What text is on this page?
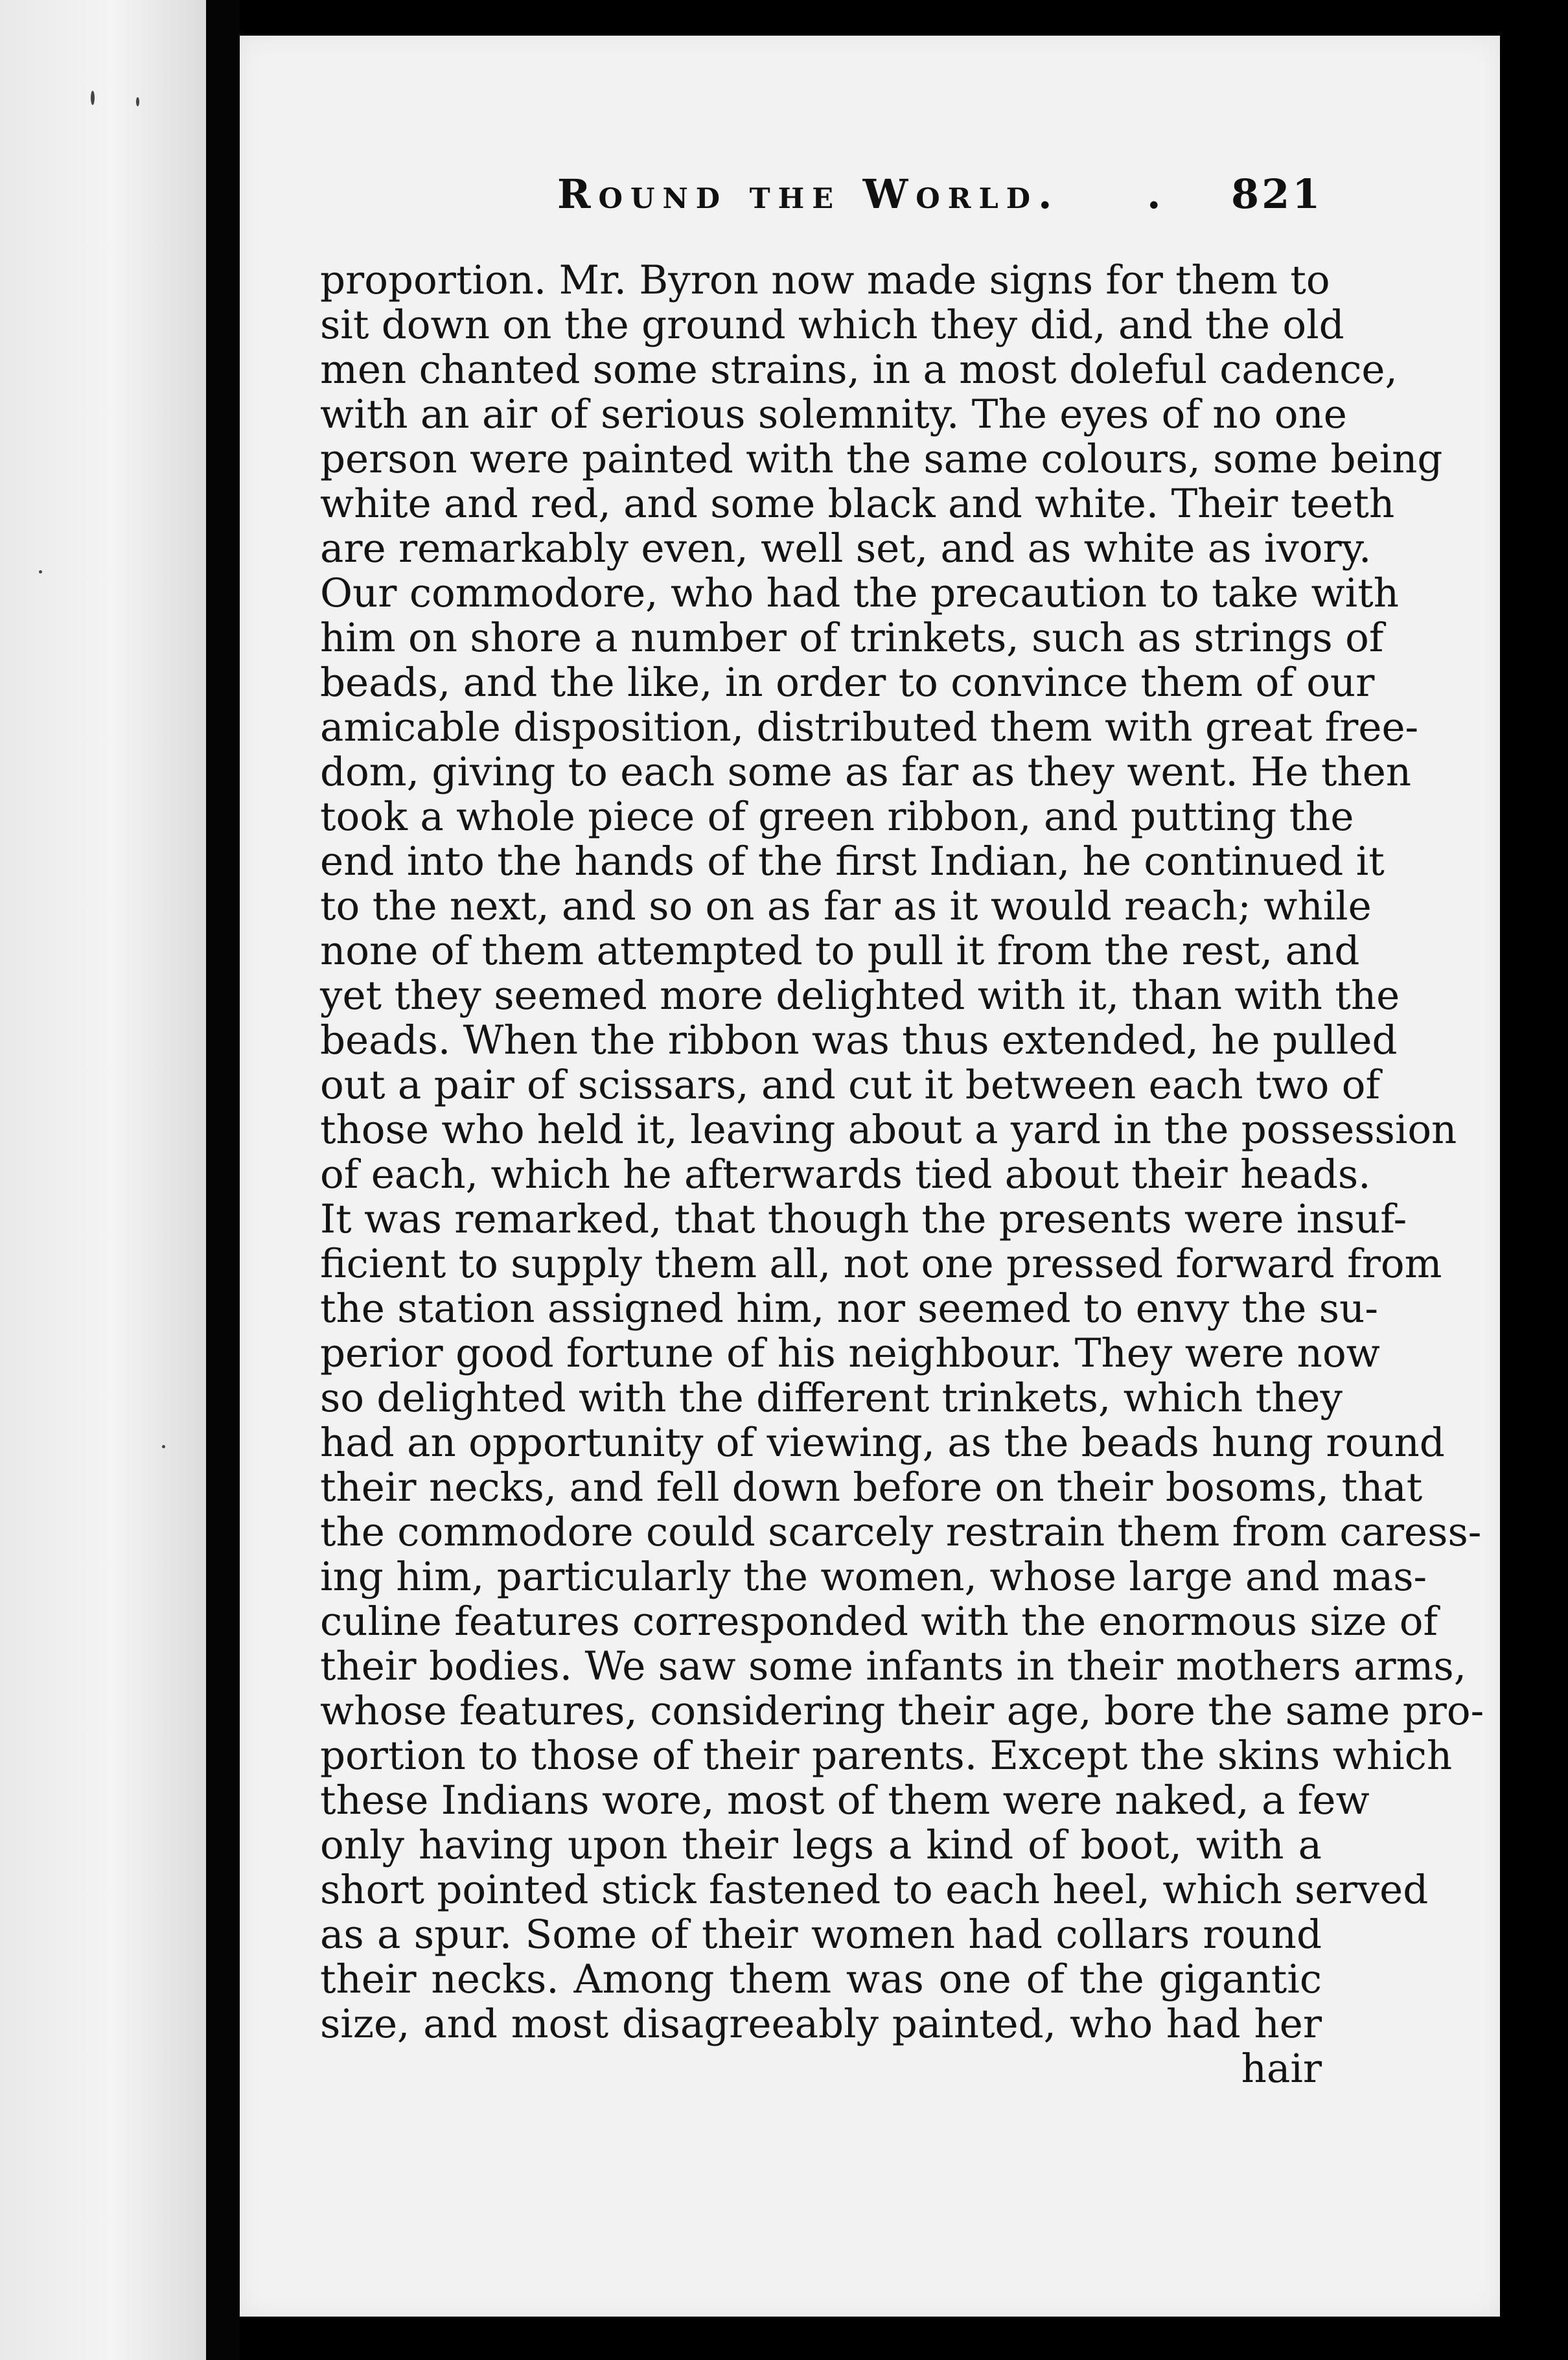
Round the World. . 821
proportion. Mr. Byron now made signs for them to
sit down on the ground which they did, and the old
men chanted some strains, in a most doleful cadence,
with an air of serious solemnity. The eyes of no one
person were painted with the same colours, some being
white and red, and some black and white. Their teeth
are remarkably even, well set, and as white as ivory.
Our commodore, who had the precaution to take with
him on shore a number of trinkets, such as strings of
beads, and the like, in order to convince them of our
amicable disposition, distributed them with great free-
dom, giving to each some as far as they went. He then
took a whole piece of green ribbon, and putting the
end into the hands of the first Indian, he continued it
to the next, and so on as far as it would reach; while
none of them attempted to pull it from the rest, and
yet they seemed more delighted with it, than with the
beads. When the ribbon was thus extended, he pulled
out a pair of scissars, and cut it between each two of
those who held it, leaving about a yard in the possession
of each, which he afterwards tied about their heads.
It was remarked, that though the presents were insuf-
ficient to supply them all, not one pressed forward from
the station assigned him, nor seemed to envy the su-
perior good fortune of his neighbour. They were now
so delighted with the different trinkets, which they
had an opportunity of viewing, as the beads hung round
their necks, and fell down before on their bosoms, that
the commodore could scarcely restrain them from caress-
ing him, particularly the women, whose large and mas-
culine features corresponded with the enormous size of
their bodies. We saw some infants in their mothers arms,
whose features, considering their age, bore the same pro-
portion to those of their parents. Except the skins which
these Indians wore, most of them were naked, a few
only having upon their legs a kind of boot, with a
short pointed stick fastened to each heel, which served
as a spur. Some of their women had collars round
their necks. Among them was one of the gigantic
size, and most disagreeably painted, who had her
hair
